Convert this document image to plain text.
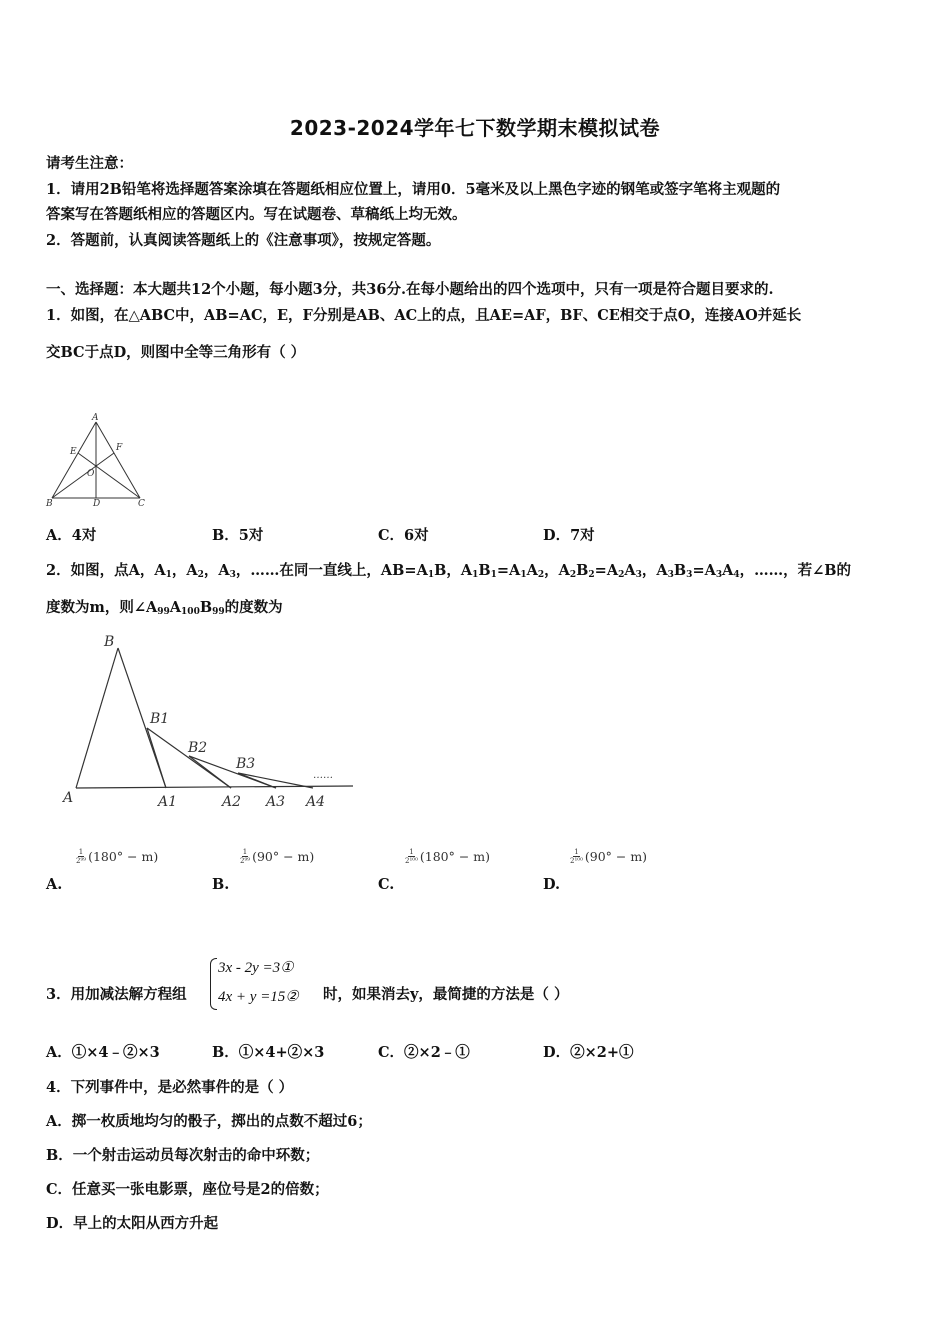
2023-2024学年七下数学期末模拟试卷
请考生注意：
1．请用2B铅笔将选择题答案涂填在答题纸相应位置上，请用0．5毫米及以上黑色字迹的钢笔或签字笔将主观题的
答案写在答题纸相应的答题区内。写在试题卷、草稿纸上均无效。
2．答题前，认真阅读答题纸上的《注意事项》，按规定答题。
一、选择题：本大题共12个小题，每小题3分，共36分.在每小题给出的四个选项中，只有一项是符合题目要求的.
1．如图，在△ABC中，AB=AC，E，F分别是AB、AC上的点，且AE=AF，BF、CE相交于点O，连接AO并延长
交BC于点D，则图中全等三角形有（ ）
A
B	C
D
E	F
O
A．4对	B．5对	C．6对	D．7对
2．如图，点A，$A_1$，$A_2$，$A_3$，……在同一直线上，$AB=A_1B$，$A_1B_1=A_1A_2$，$A_2B_2=A_2A_3$，$A_3B_3=A_3A_4$，……，若∠B的
度数为m，则$\angle A_{99}A_{100}B_{99}$的度数为
B
B1
B2
B3
A	A1	A2 A3 A4
……
$\frac{1}{\text{2⁹⁹}} (180^\circ - m)$	$\frac{1}{\text{2⁹⁹}} (90^\circ - m)$	$\frac{1}{\text{2¹⁰⁰}} (180^\circ - m)$	$\frac{1}{\text{2¹⁰⁰}} (90^\circ - m)$
A.	B.	C.	D.
3．用加减法解方程组
3x - 2y =3①
4x + y =15② 时，如果消去y，最简捷的方法是（ ）
A．①×4﹣②×3	B．①×4+②×3	C．②×2﹣①	D．②×2+①
4．下列事件中，是必然事件的是（ ）
A．掷一枚质地均匀的骰子，掷出的点数不超过6；
B．一个射击运动员每次射击的命中环数；
C．任意买一张电影票，座位号是2的倍数；
D．早上的太阳从西方升起
